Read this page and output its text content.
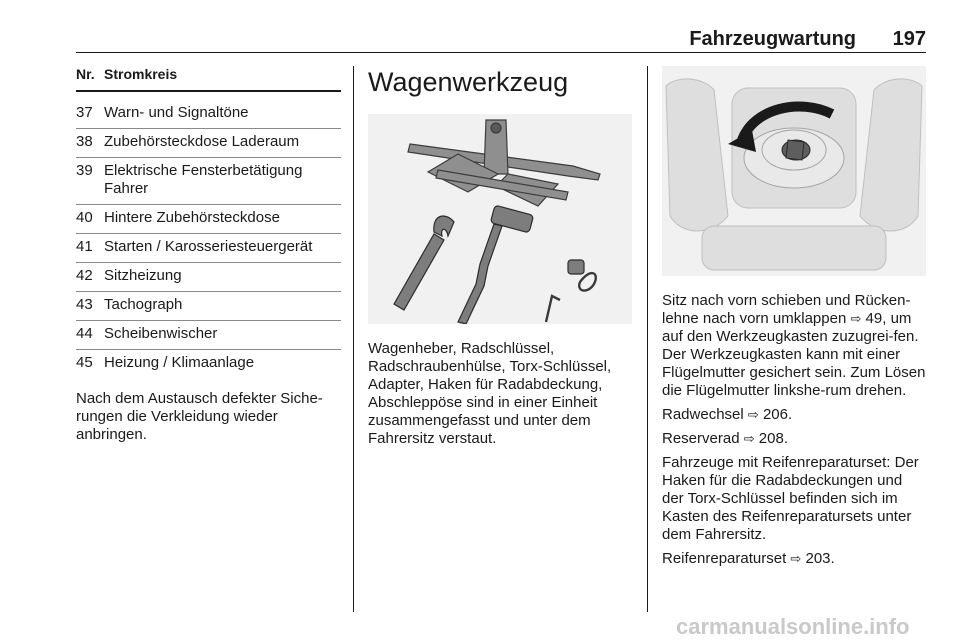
Fahrzeugwartung 197
Nr. Stromkreis
37 Warn- und Signaltöne
38 Zubehörsteckdose Laderaum
39 Elektrische Fensterbetätigung Fahrer
40 Hintere Zubehörsteckdose
41 Starten / Karosseriesteuergerät
42 Sitzheizung
43 Tachograph
44 Scheibenwischer
45 Heizung / Klimaanlage
Nach dem Austausch defekter Siche-rungen die Verkleidung wieder anbringen.
Wagenwerkzeug
Wagenheber, Radschlüssel, Radschraubenhülse, Torx-Schlüssel, Adapter, Haken für Radabdeckung, Abschleppöse sind in einer Einheit zusammengefasst und unter dem Fahrersitz verstaut.

Sitz nach vorn schieben und Rücken-lehne nach vorn umklappen ⇨ 49, um auf den Werkzeugkasten zuzugrei-fen. Der Werkzeugkasten kann mit einer Flügelmutter gesichert sein. Zum Lösen die Flügelmutter linkshe-rum drehen.

Radwechsel ⇨ 206.

Reserverad ⇨ 208.

Fahrzeuge mit Reifenreparaturset: Der Haken für die Radabdeckungen und der Torx-Schlüssel befinden sich im Kasten des Reifenreparatursets unter dem Fahrersitz.

Reifenreparaturset ⇨ 203.

carmanualsonline.info
